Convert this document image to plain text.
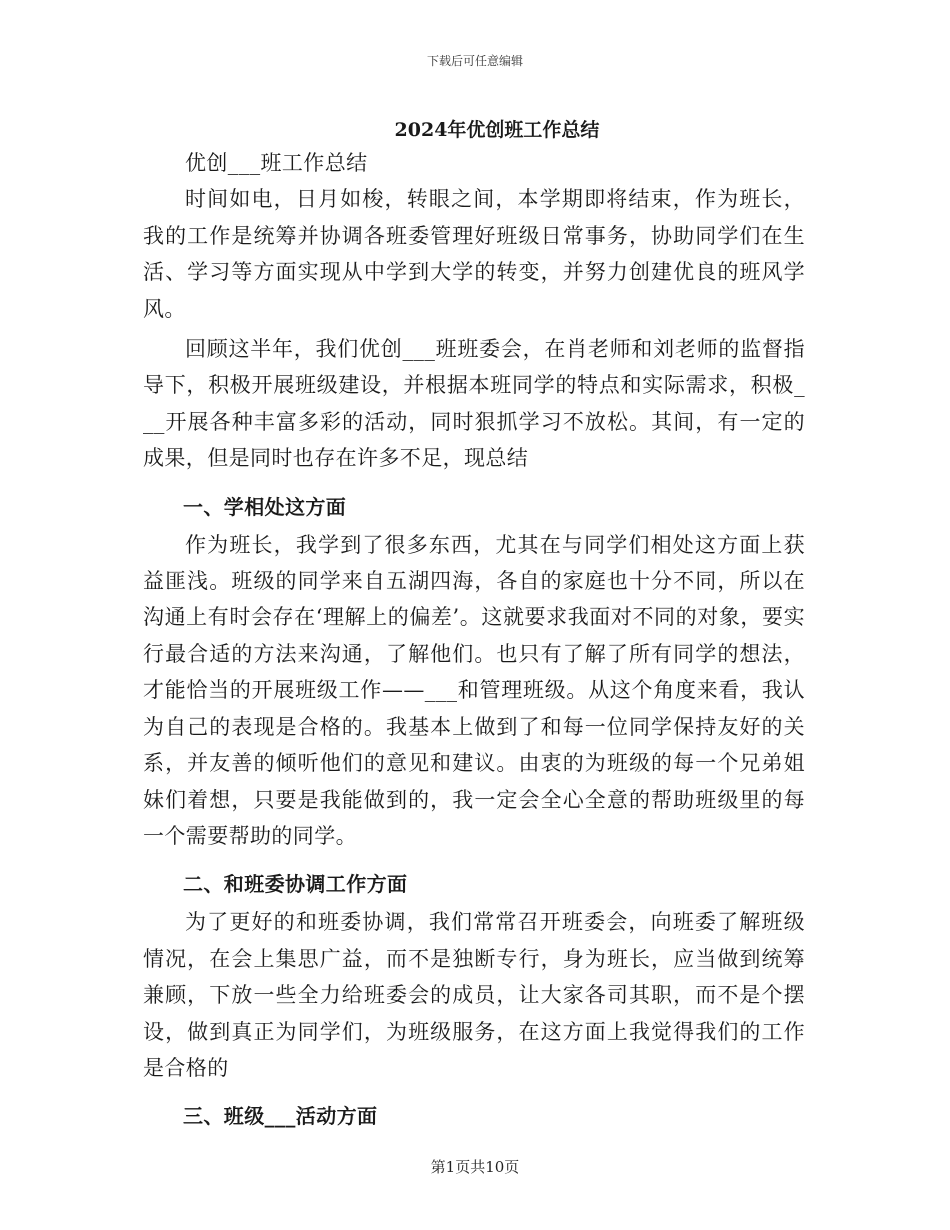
下载后可任意编辑
2024年优创班工作总结

优创___班工作总结

时间如电，日月如梭，转眼之间，本学期即将结束，作为班长，我的工作是统筹并协调各班委管理好班级日常事务，协助同学们在生活、学习等方面实现从中学到大学的转变，并努力创建优良的班风学风。

回顾这半年，我们优创___班班委会，在肖老师和刘老师的监督指导下，积极开展班级建设，并根据本班同学的特点和实际需求，积极___开展各种丰富多彩的活动，同时狠抓学习不放松。其间，有一定的成果，但是同时也存在许多不足，现总结

一、学相处这方面

作为班长，我学到了很多东西，尤其在与同学们相处这方面上获益匪浅。班级的同学来自五湖四海，各自的家庭也十分不同，所以在沟通上有时会存在‘理解上的偏差’。这就要求我面对不同的对象，要实行最合适的方法来沟通，了解他们。也只有了解了所有同学的想法，才能恰当的开展班级工作——___和管理班级。从这个角度来看，我认为自己的表现是合格的。我基本上做到了和每一位同学保持友好的关系，并友善的倾听他们的意见和建议。由衷的为班级的每一个兄弟姐妹们着想，只要是我能做到的，我一定会全心全意的帮助班级里的每一个需要帮助的同学。

二、和班委协调工作方面

为了更好的和班委协调，我们常常召开班委会，向班委了解班级情况，在会上集思广益，而不是独断专行，身为班长，应当做到统筹兼顾，下放一些全力给班委会的成员，让大家各司其职，而不是个摆设，做到真正为同学们，为班级服务，在这方面上我觉得我们的工作是合格的

三、班级___活动方面
第1页共10页
